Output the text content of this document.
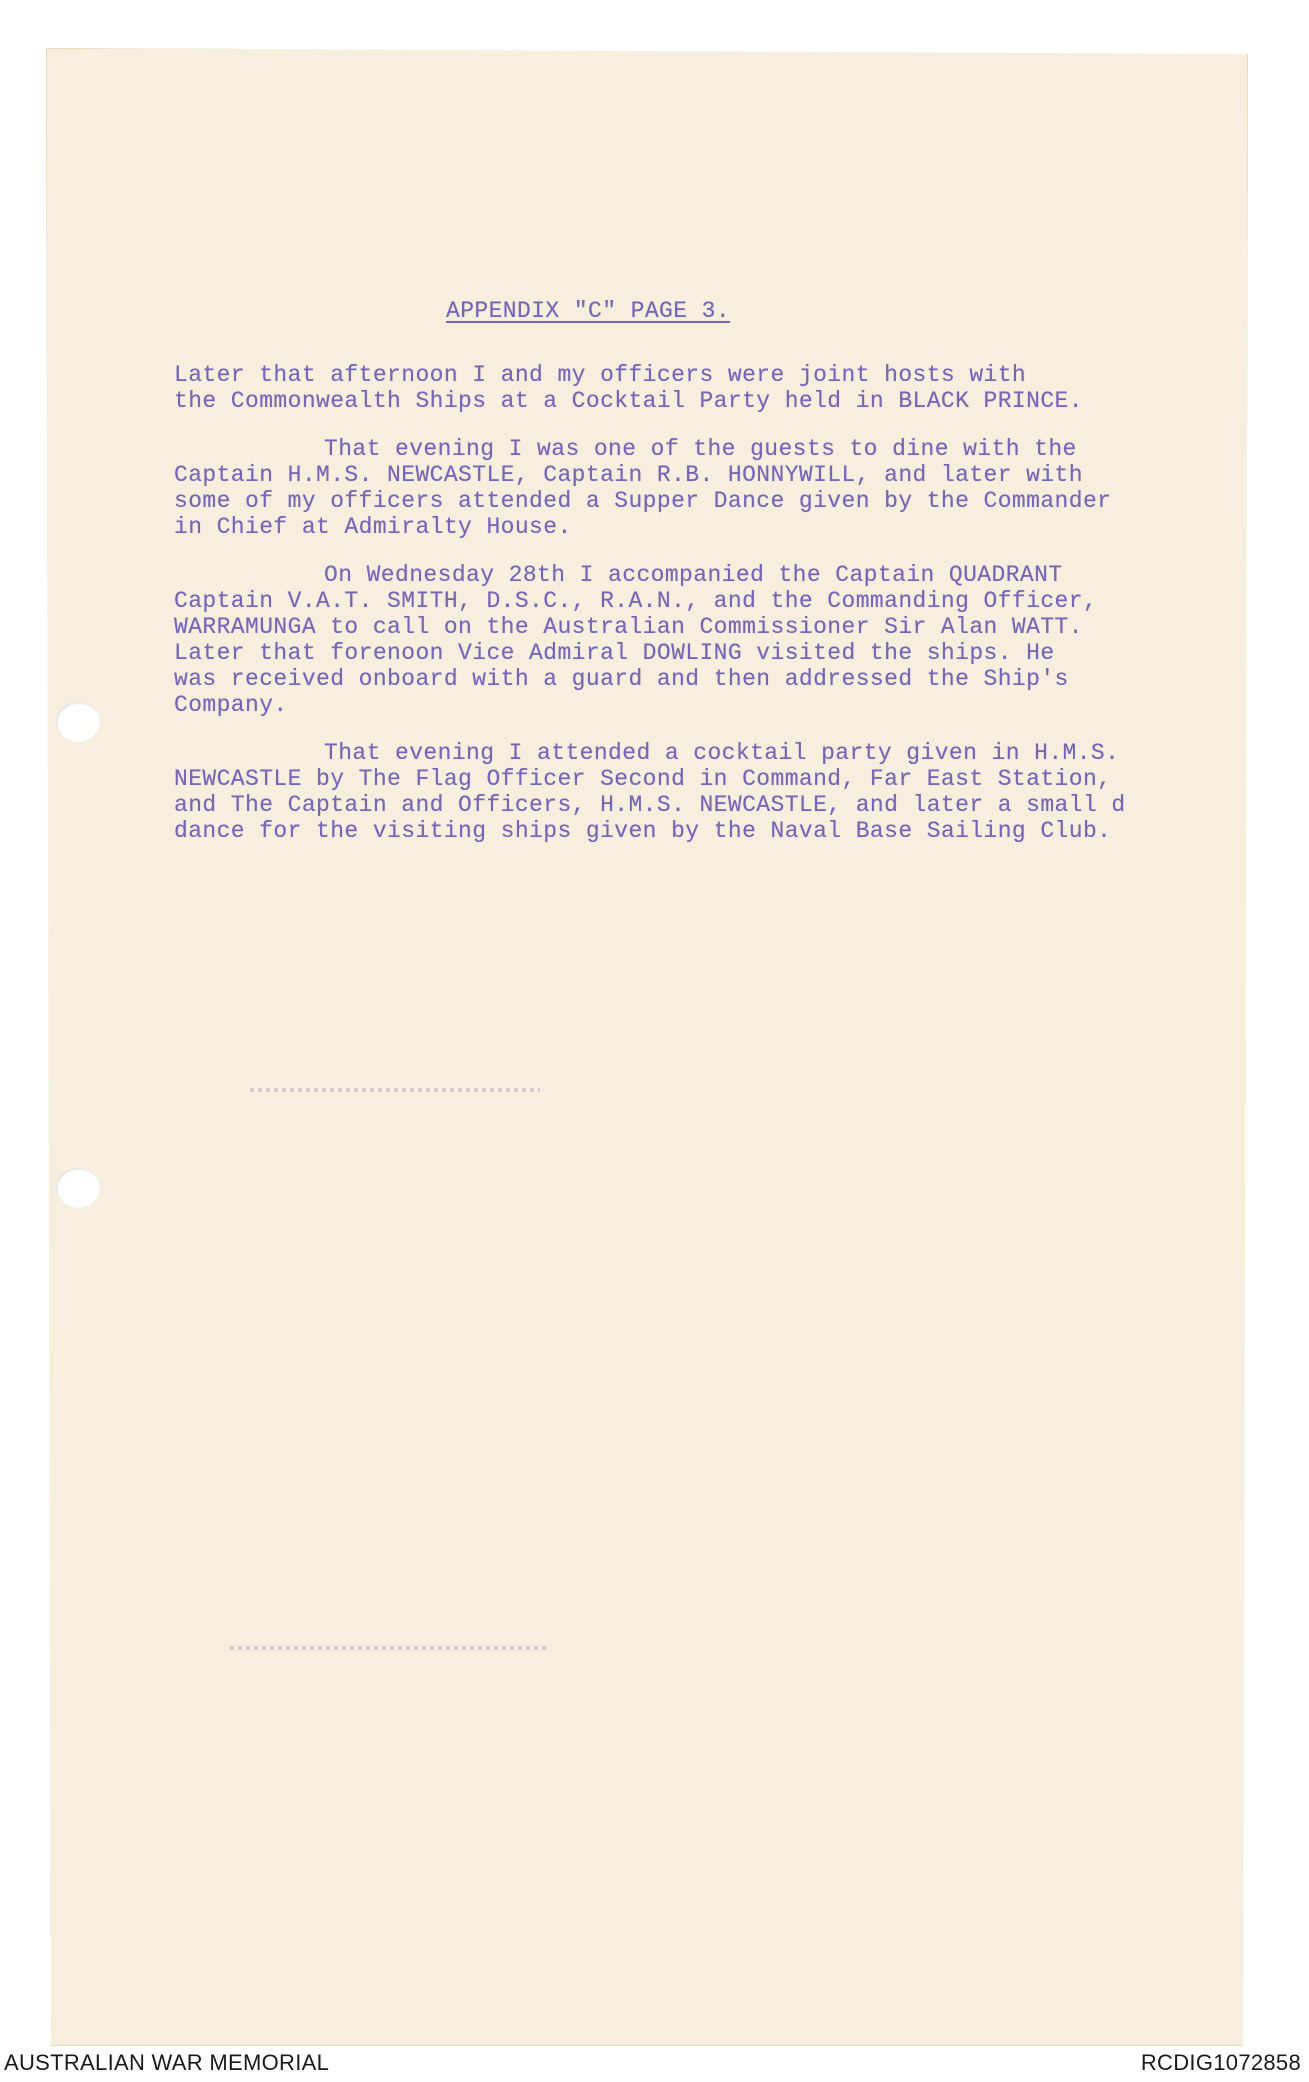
APPENDIX "C" PAGE 3.

Later that afternoon I and my officers were joint hosts with
the Commonwealth Ships at a Cocktail Party held in BLACK PRINCE.

That evening I was one of the guests to dine with the
Captain H.M.S. NEWCASTLE, Captain R.B. HONNYWILL, and later with
some of my officers attended a Supper Dance given by the Commander
in Chief at Admiralty House.

On Wednesday 28th I accompanied the Captain QUADRANT
Captain V.A.T. SMITH, D.S.C., R.A.N., and the Commanding Officer,
WARRAMUNGA to call on the Australian Commissioner Sir Alan WATT.
Later that forenoon Vice Admiral DOWLING visited the ships. He
was received onboard with a guard and then addressed the Ship's
Company.

That evening I attended a cocktail party given in H.M.S.
NEWCASTLE by The Flag Officer Second in Command, Far East Station,
and The Captain and Officers, H.M.S. NEWCASTLE, and later a small d
dance for the visiting ships given by the Naval Base Sailing Club.

AUSTRALIAN WAR MEMORIAL	RCDIG1072858
